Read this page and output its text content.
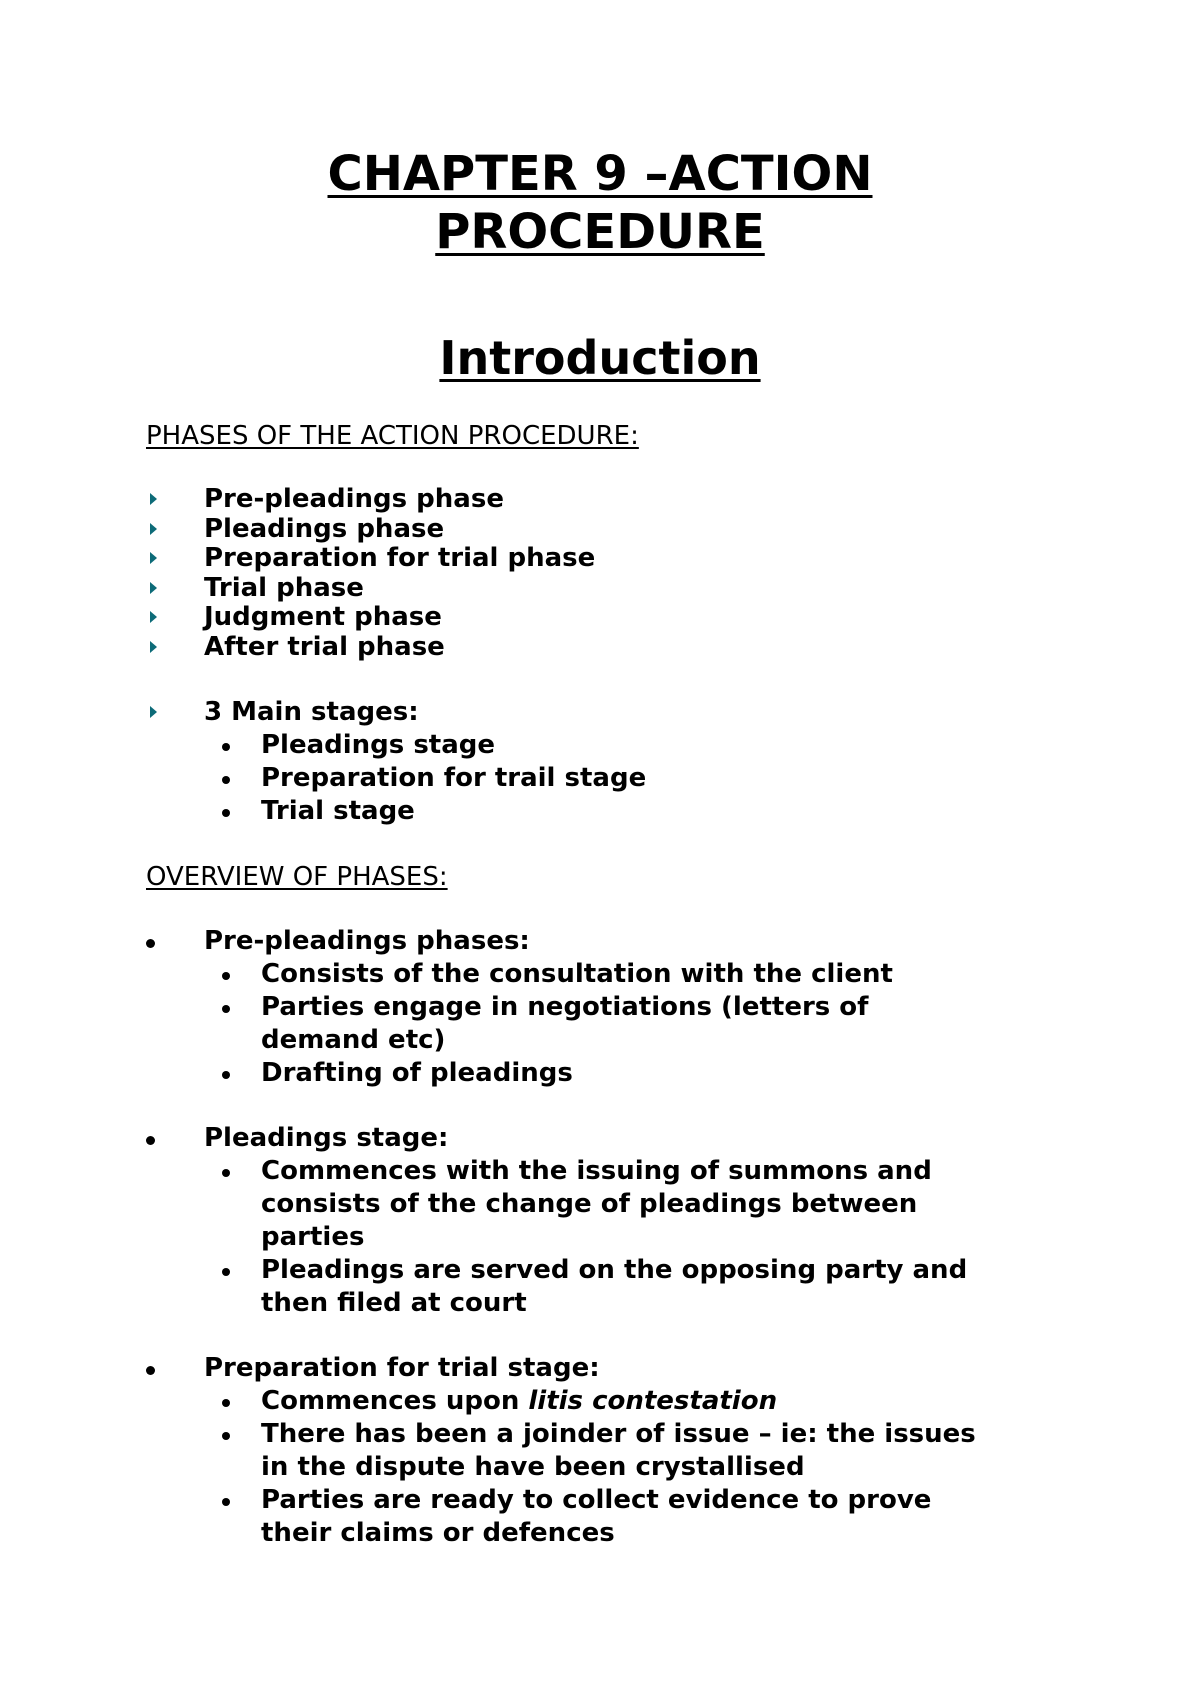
CHAPTER 9 –ACTION
PROCEDURE
Introduction
PHASES OF THE ACTION PROCEDURE:
Pre-pleadings phase
Pleadings phase
Preparation for trial phase
Trial phase
Judgment phase
After trial phase
3 Main stages:
Pleadings stage
Preparation for trail stage
Trial stage
OVERVIEW OF PHASES:
Pre-pleadings phases:
Consists of the consultation with the client
Parties engage in negotiations (letters of
demand etc)
Drafting of pleadings
Pleadings stage:
Commences with the issuing of summons and
consists of the change of pleadings between
parties
Pleadings are served on the opposing party and
then filed at court
Preparation for trial stage:
Commences upon litis contestation
There has been a joinder of issue – ie: the issues
in the dispute have been crystallised
Parties are ready to collect evidence to prove
their claims or defences
